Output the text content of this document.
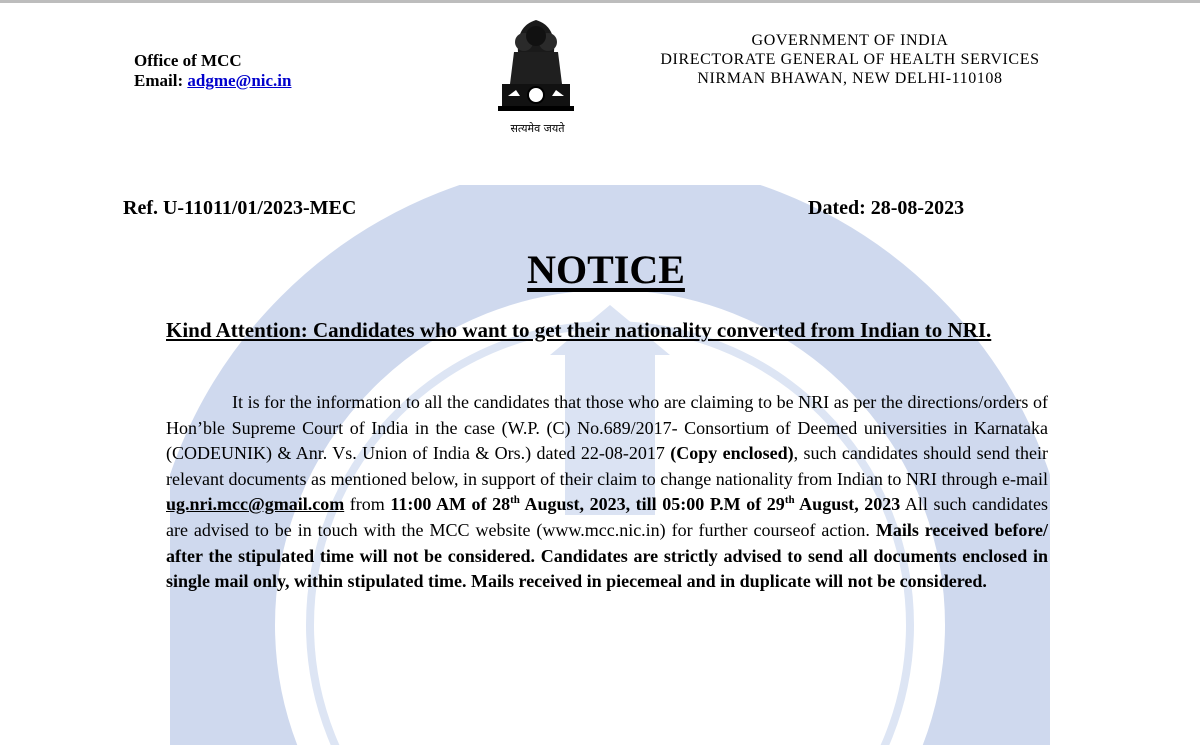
Office of MCC
Email: adgme@nic.in
सत्यमेव जयते
GOVERNMENT OF INDIA
DIRECTORATE GENERAL OF HEALTH SERVICES
NIRMAN BHAWAN, NEW DELHI-110108
Ref. U-11011/01/2023-MEC	Dated: 28-08-2023
NOTICE
Kind Attention: Candidates who want to get their nationality converted from Indian to NRI.
It is for the information to all the candidates that those who are claiming to be NRI as per the directions/orders of Hon’ble Supreme Court of India in the case (W.P. (C) No.689/2017- Consortium of Deemed universities in Karnataka (CODEUNIK) & Anr. Vs. Union of India & Ors.) dated 22-08-2017 (Copy enclosed), such candidates should send their relevant documents as mentioned below, in support of their claim to change nationality from Indian to NRI through e-mail ug.nri.mcc@gmail.com from 11:00 AM of 28th August, 2023, till 05:00 P.M of 29th August, 2023 All such candidates are advised to be in touch with the MCC website (www.mcc.nic.in) for further courseof action. Mails received before/ after the stipulated time will not be considered. Candidates are strictly advised to send all documents enclosed in single mail only, within stipulated time. Mails received in piecemeal and in duplicate will not be considered.
